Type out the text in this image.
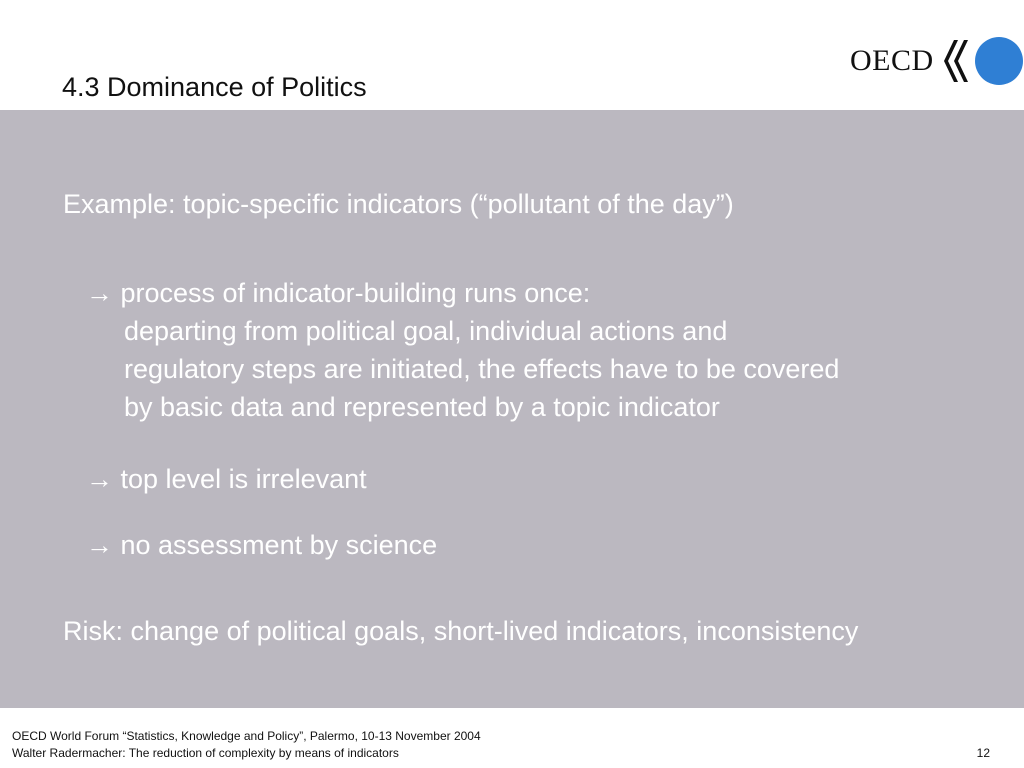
4.3 Dominance of Politics
OECD
Example: topic-specific indicators (“pollutant of the day”)
→ process of indicator-building runs once:
departing from political goal, individual actions and
regulatory steps are initiated, the effects have to be covered
by basic data and represented by a topic indicator
→ top level is irrelevant
→ no assessment by science
Risk: change of political goals, short-lived indicators, inconsistency
OECD World Forum “Statistics, Knowledge and Policy”, Palermo, 10-13 November 2004
Walter Radermacher: The reduction of complexity by means of indicators	12
